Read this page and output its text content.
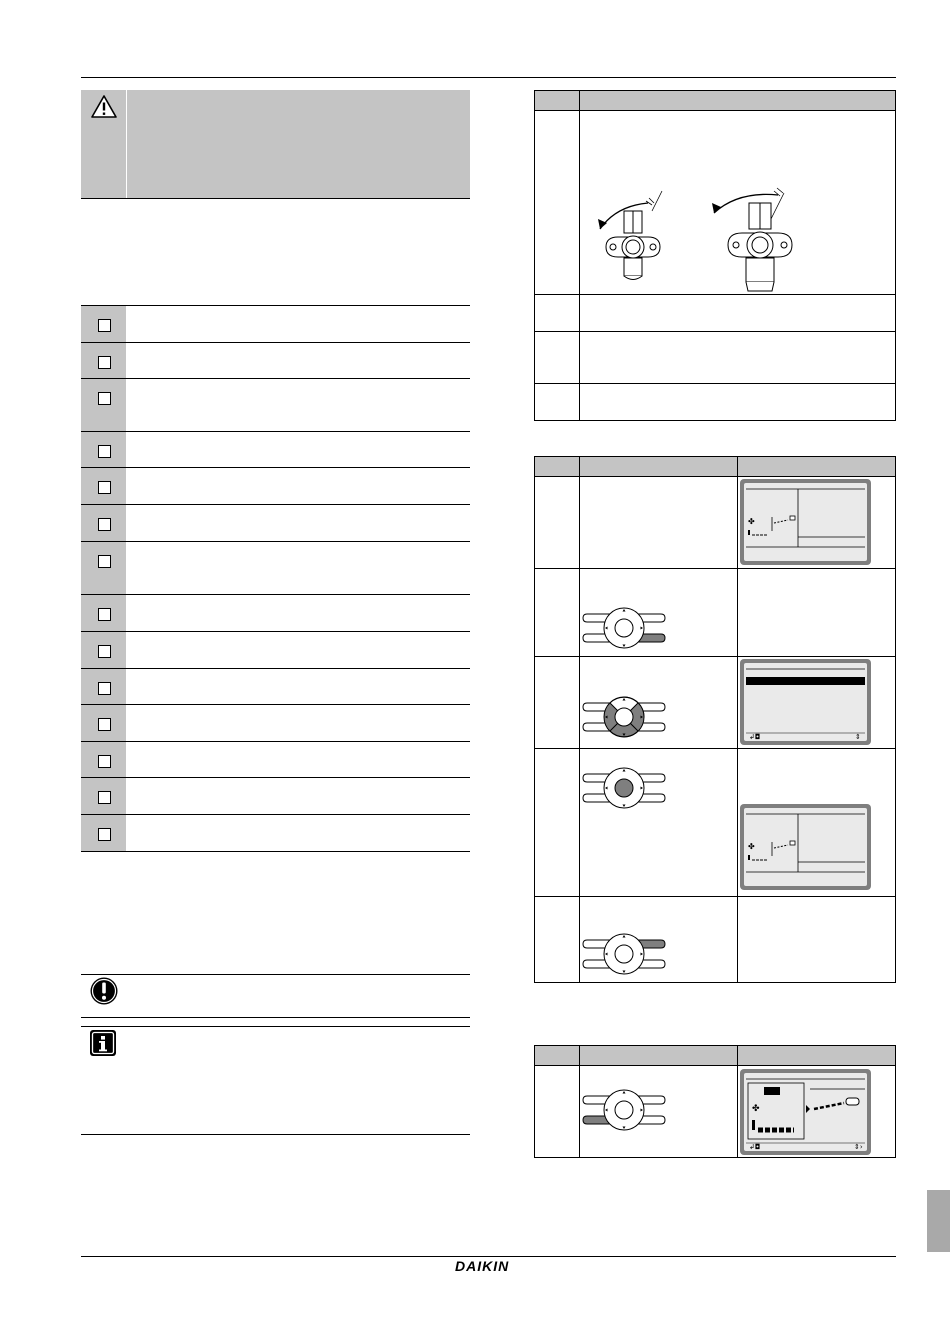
✤

↲◘ ⇕

✤

✤
↲◘ ⇕›
DAIKIN
